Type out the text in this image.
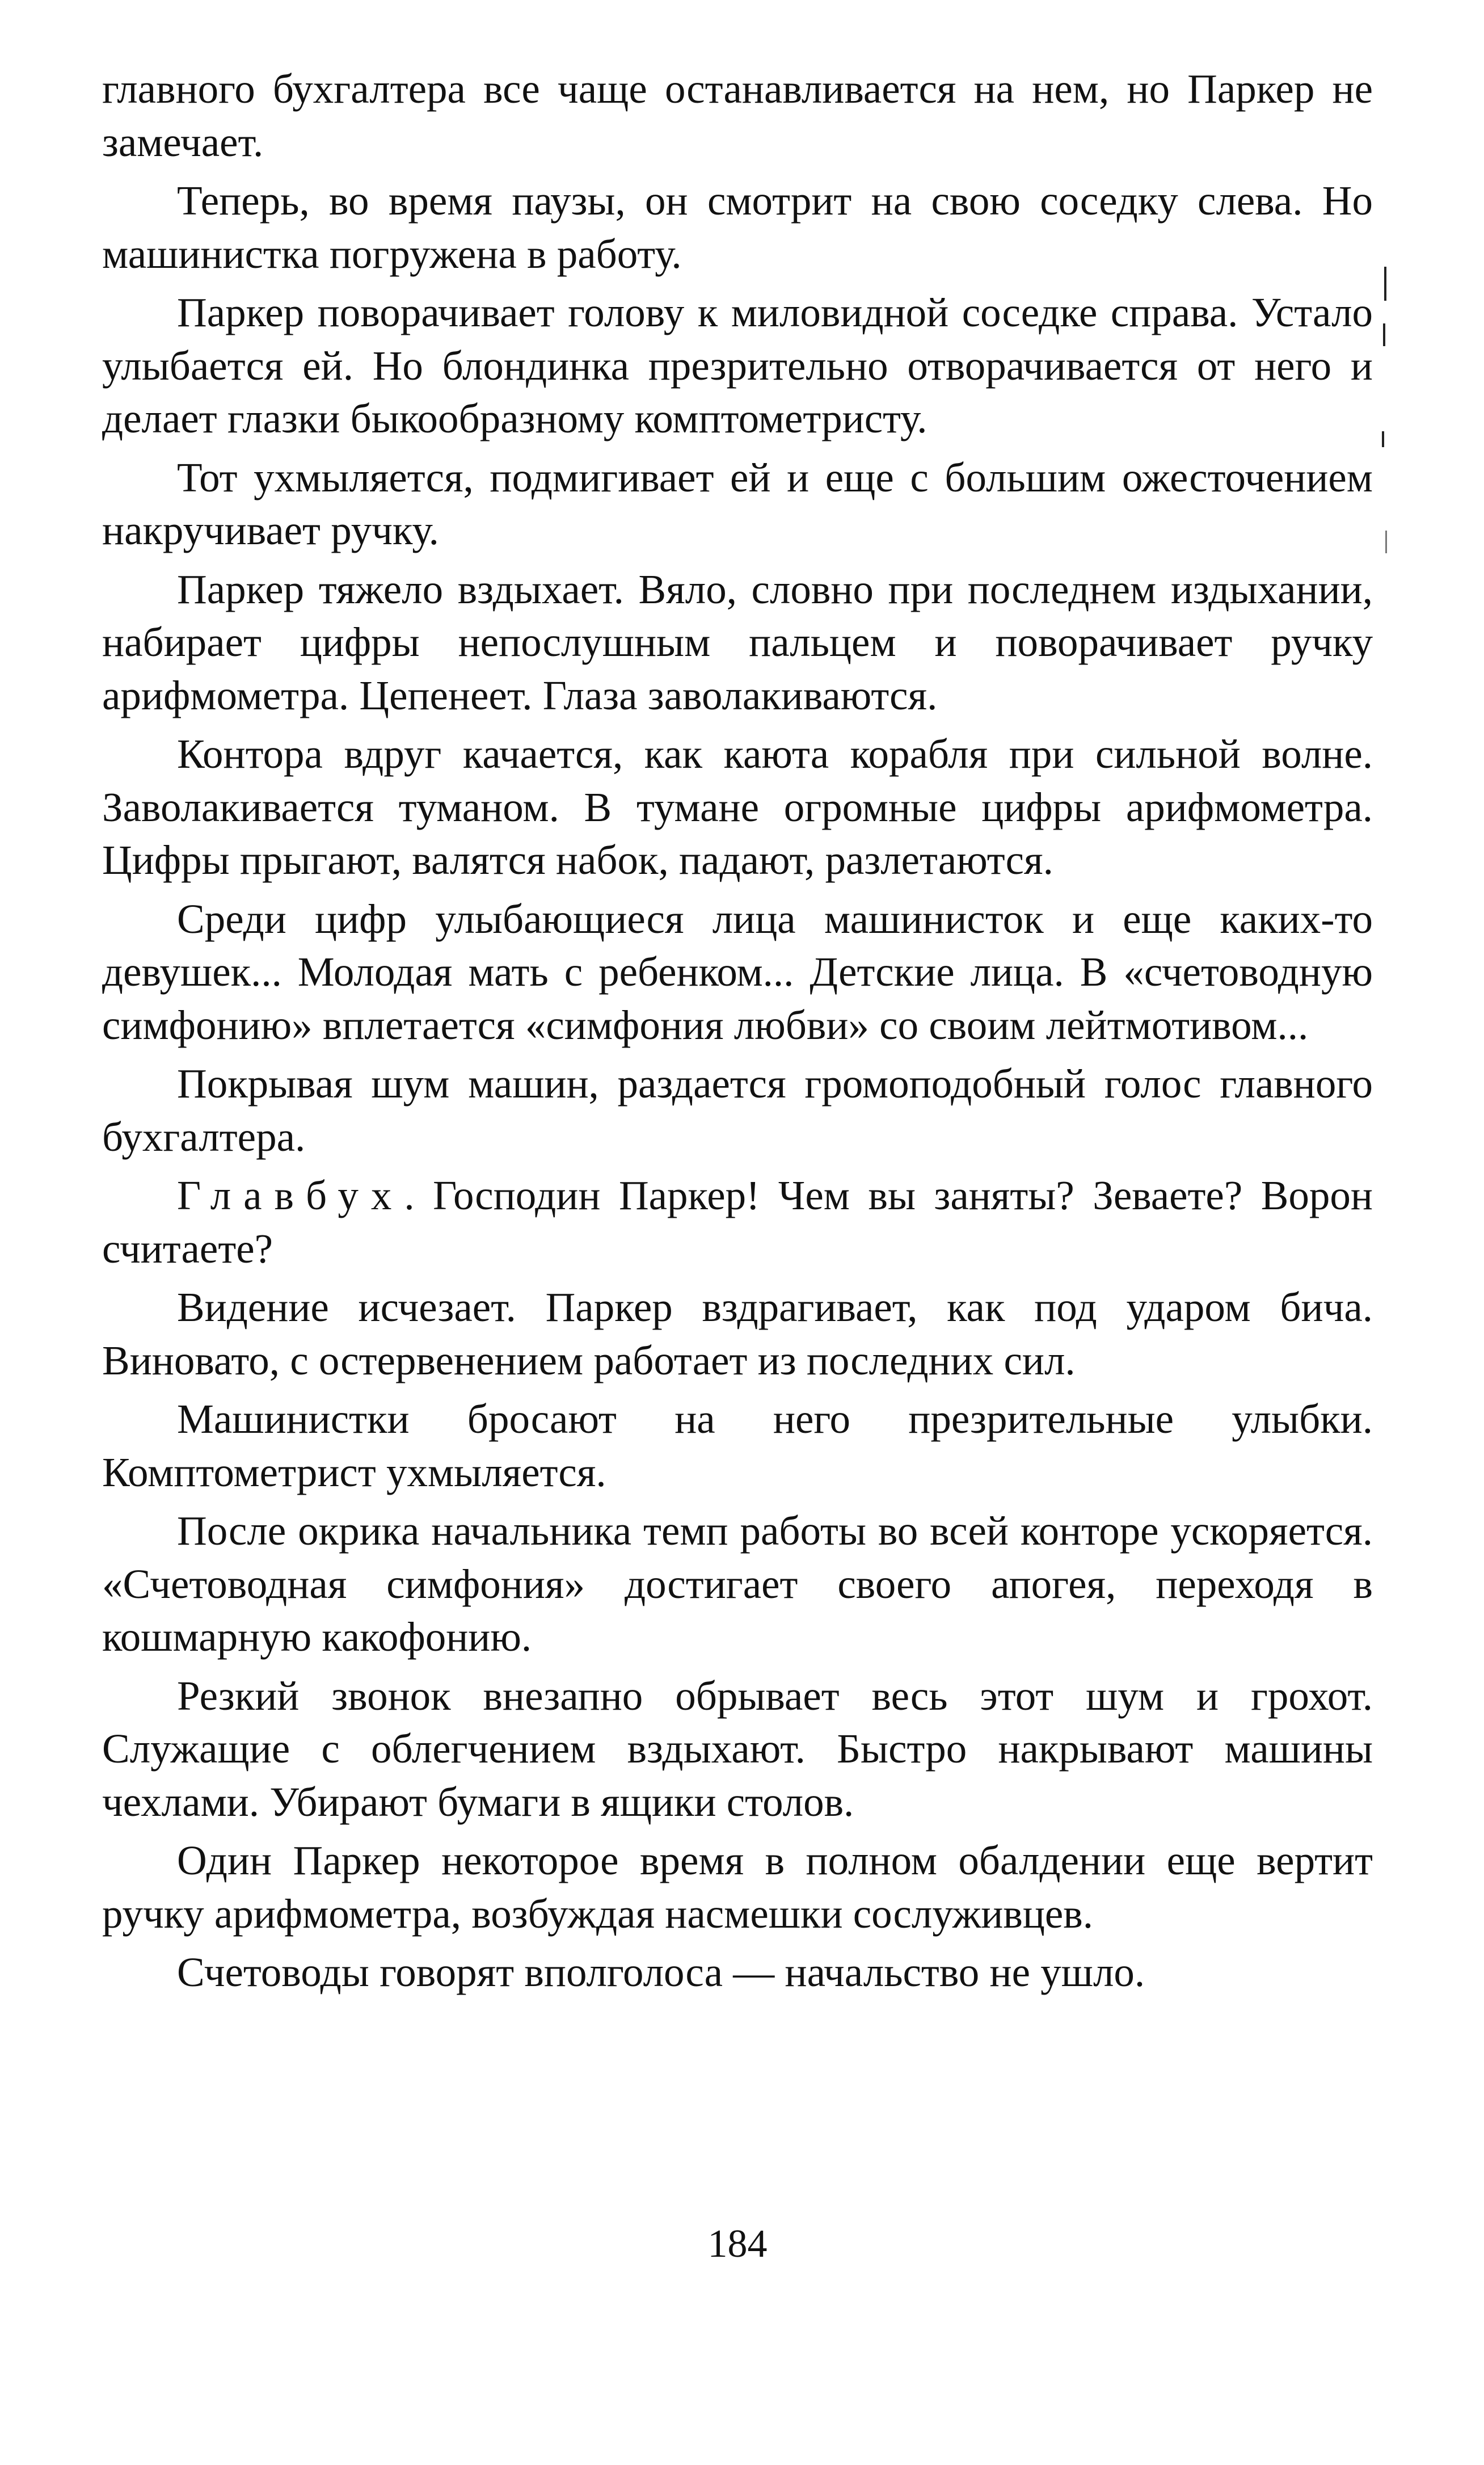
главного бухгалтера все чаще останавливается на нем, но Паркер не замечает.

Теперь, во время паузы, он смотрит на свою соседку слева. Но машинистка погружена в работу.

Паркер поворачивает голову к миловидной соседке справа. Устало улыбается ей. Но блондинка презрительно отворачивается от него и делает глазки быкообразному комптометристу.

Тот ухмыляется, подмигивает ей и еще с большим ожесточением накручивает ручку.

Паркер тяжело вздыхает. Вяло, словно при последнем издыхании, набирает цифры непослушным пальцем и поворачивает ручку арифмометра. Цепенеет. Глаза заволакиваются.

Контора вдруг качается, как каюта корабля при сильной волне. Заволакивается туманом. В тумане огромные цифры арифмометра. Цифры прыгают, валятся набок, падают, разлетаются.

Среди цифр улыбающиеся лица машинисток и еще каких-то девушек... Молодая мать с ребенком... Детские лица. В «счетоводную симфонию» вплетается «симфония любви» со своим лейтмотивом...

Покрывая шум машин, раздается громоподобный голос главного бухгалтера.

Главбух. Господин Паркер! Чем вы заняты? Зеваете? Ворон считаете?

Видение исчезает. Паркер вздрагивает, как под ударом бича. Виновато, с остервенением работает из последних сил.

Машинистки бросают на него презрительные улыбки. Комптометрист ухмыляется.

После окрика начальника темп работы во всей конторе ускоряется. «Счетоводная симфония» достигает своего апогея, переходя в кошмарную какофонию.

Резкий звонок внезапно обрывает весь этот шум и грохот. Служащие с облегчением вздыхают. Быстро накрывают машины чехлами. Убирают бумаги в ящики столов.

Один Паркер некоторое время в полном обалдении еще вертит ручку арифмометра, возбуждая насмешки сослуживцев.

Счетоводы говорят вполголоса — начальство не ушло.

184
